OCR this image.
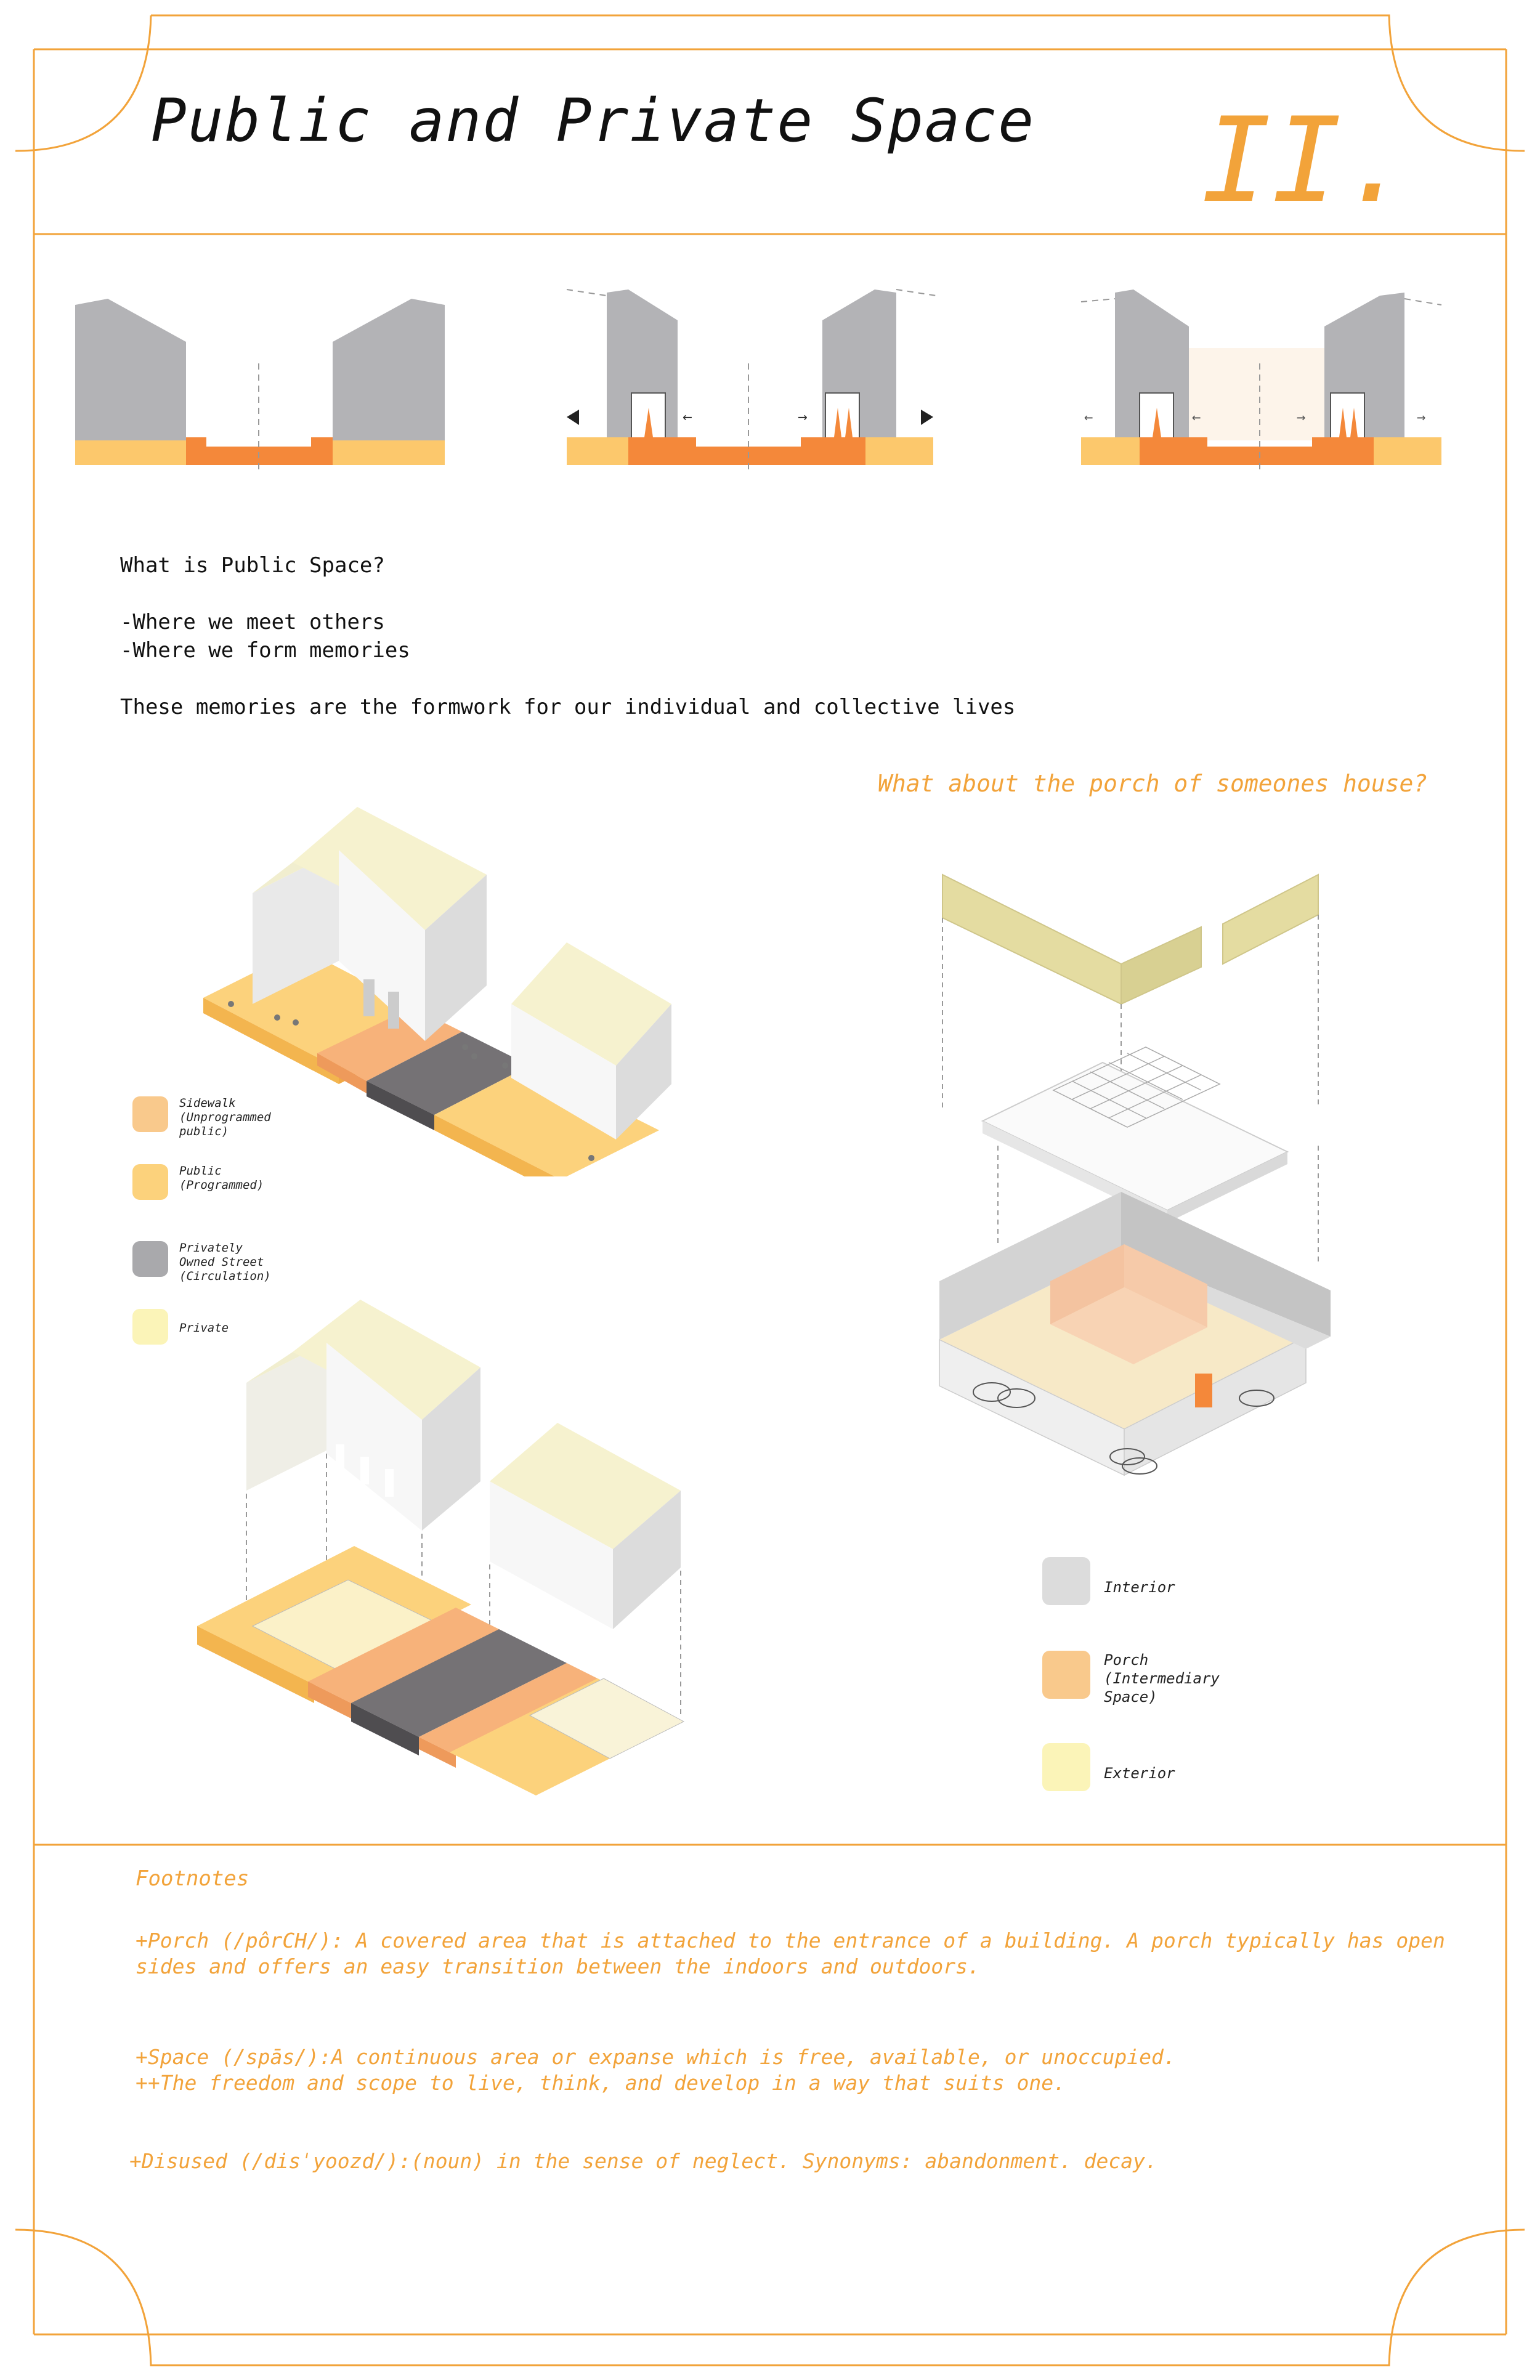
Public and Private Space II.
←	→	←	←	→	→
What is Public Space?
-Where we meet others
-Where we form memories
These memories are the formwork for our individual and collective lives
What about the porch of someones house?
Sidewalk
(Unprogrammed
public)
Public
(Programmed)
Privately
Owned Street
(Circulation)
Private
Interior
Porch
(Intermediary
Space)
Exterior
Footnotes
+Porch (/pôrCH/): A covered area that is attached to the entrance of a building. A porch typically has open
sides and offers an easy transition between the indoors and outdoors.
+Space (/spās/):A continuous area or expanse which is free, available, or unoccupied.
++The freedom and scope to live, think, and develop in a way that suits one.
+Disused (/disˈyoozd/):(noun) in the sense of neglect. Synonyms: abandonment. decay.
